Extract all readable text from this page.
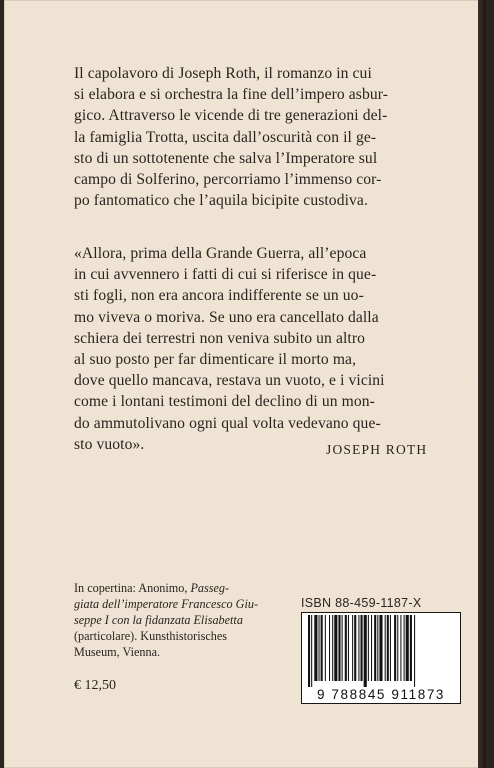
Il capolavoro di Joseph Roth, il romanzo in cui
si elabora e si orchestra la fine dell’impero asbur-
gico. Attraverso le vicende di tre generazioni del-
la famiglia Trotta, uscita dall’oscurità con il ge-
sto di un sottotenente che salva l’Imperatore sul
campo di Solferino, percorriamo l’immenso cor-
po fantomatico che l’aquila bicipite custodiva.

«Allora, prima della Grande Guerra, all’epoca
in cui avvennero i fatti di cui si riferisce in que-
sti fogli, non era ancora indifferente se un uo-
mo viveva o moriva. Se uno era cancellato dalla
schiera dei terrestri non veniva subito un altro
al suo posto per far dimenticare il morto ma,
dove quello mancava, restava un vuoto, e i vicini
come i lontani testimoni del declino di un mon-
do ammutolivano ogni qual volta vedevano que-
sto vuoto».	JOSEPH ROTH

In copertina: Anonimo, Passeg-
giata dell’imperatore Francesco Giu-
seppe I con la fidanzata Elisabetta
(particolare). Kunsthistorisches
Museum, Vienna.

€ 12,50
ISBN 88-459-1187-X
9 788845 911873
